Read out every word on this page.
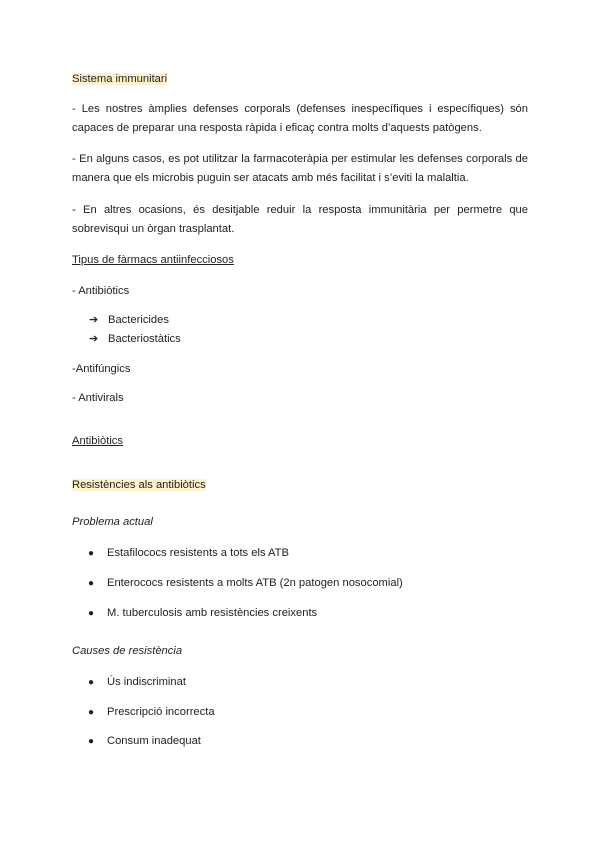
Sistema immunitari

- Les nostres àmplies defenses corporals (defenses inespecífiques i específiques) són capaces de preparar una resposta ràpida i eficaç contra molts d’aquests patògens.

- En alguns casos, es pot utilitzar la farmacoteràpia per estimular les defenses corporals de manera que els microbis puguin ser atacats amb més facilitat i s’eviti la malaltia.

- En altres ocasions, és desitjable reduir la resposta immunitària per permetre que sobrevisqui un òrgan trasplantat.

Tipus de fàrmacs antiinfecciosos
- Antibiòtics
➔ Bactericides
➔ Bacteriostàtics
-Antifúngics
- Antivirals
Antibiòtics
Resistències als antibiòtics
Problema actual
●	Estafilococs resistents a tots els ATB
●	Enterococs resistents a molts ATB (2n patogen nosocomial)
●	M. tuberculosis amb resistències creixents
Causes de resistència
●	Ús indiscriminat
●	Prescripció incorrecta
●	Consum inadequat
